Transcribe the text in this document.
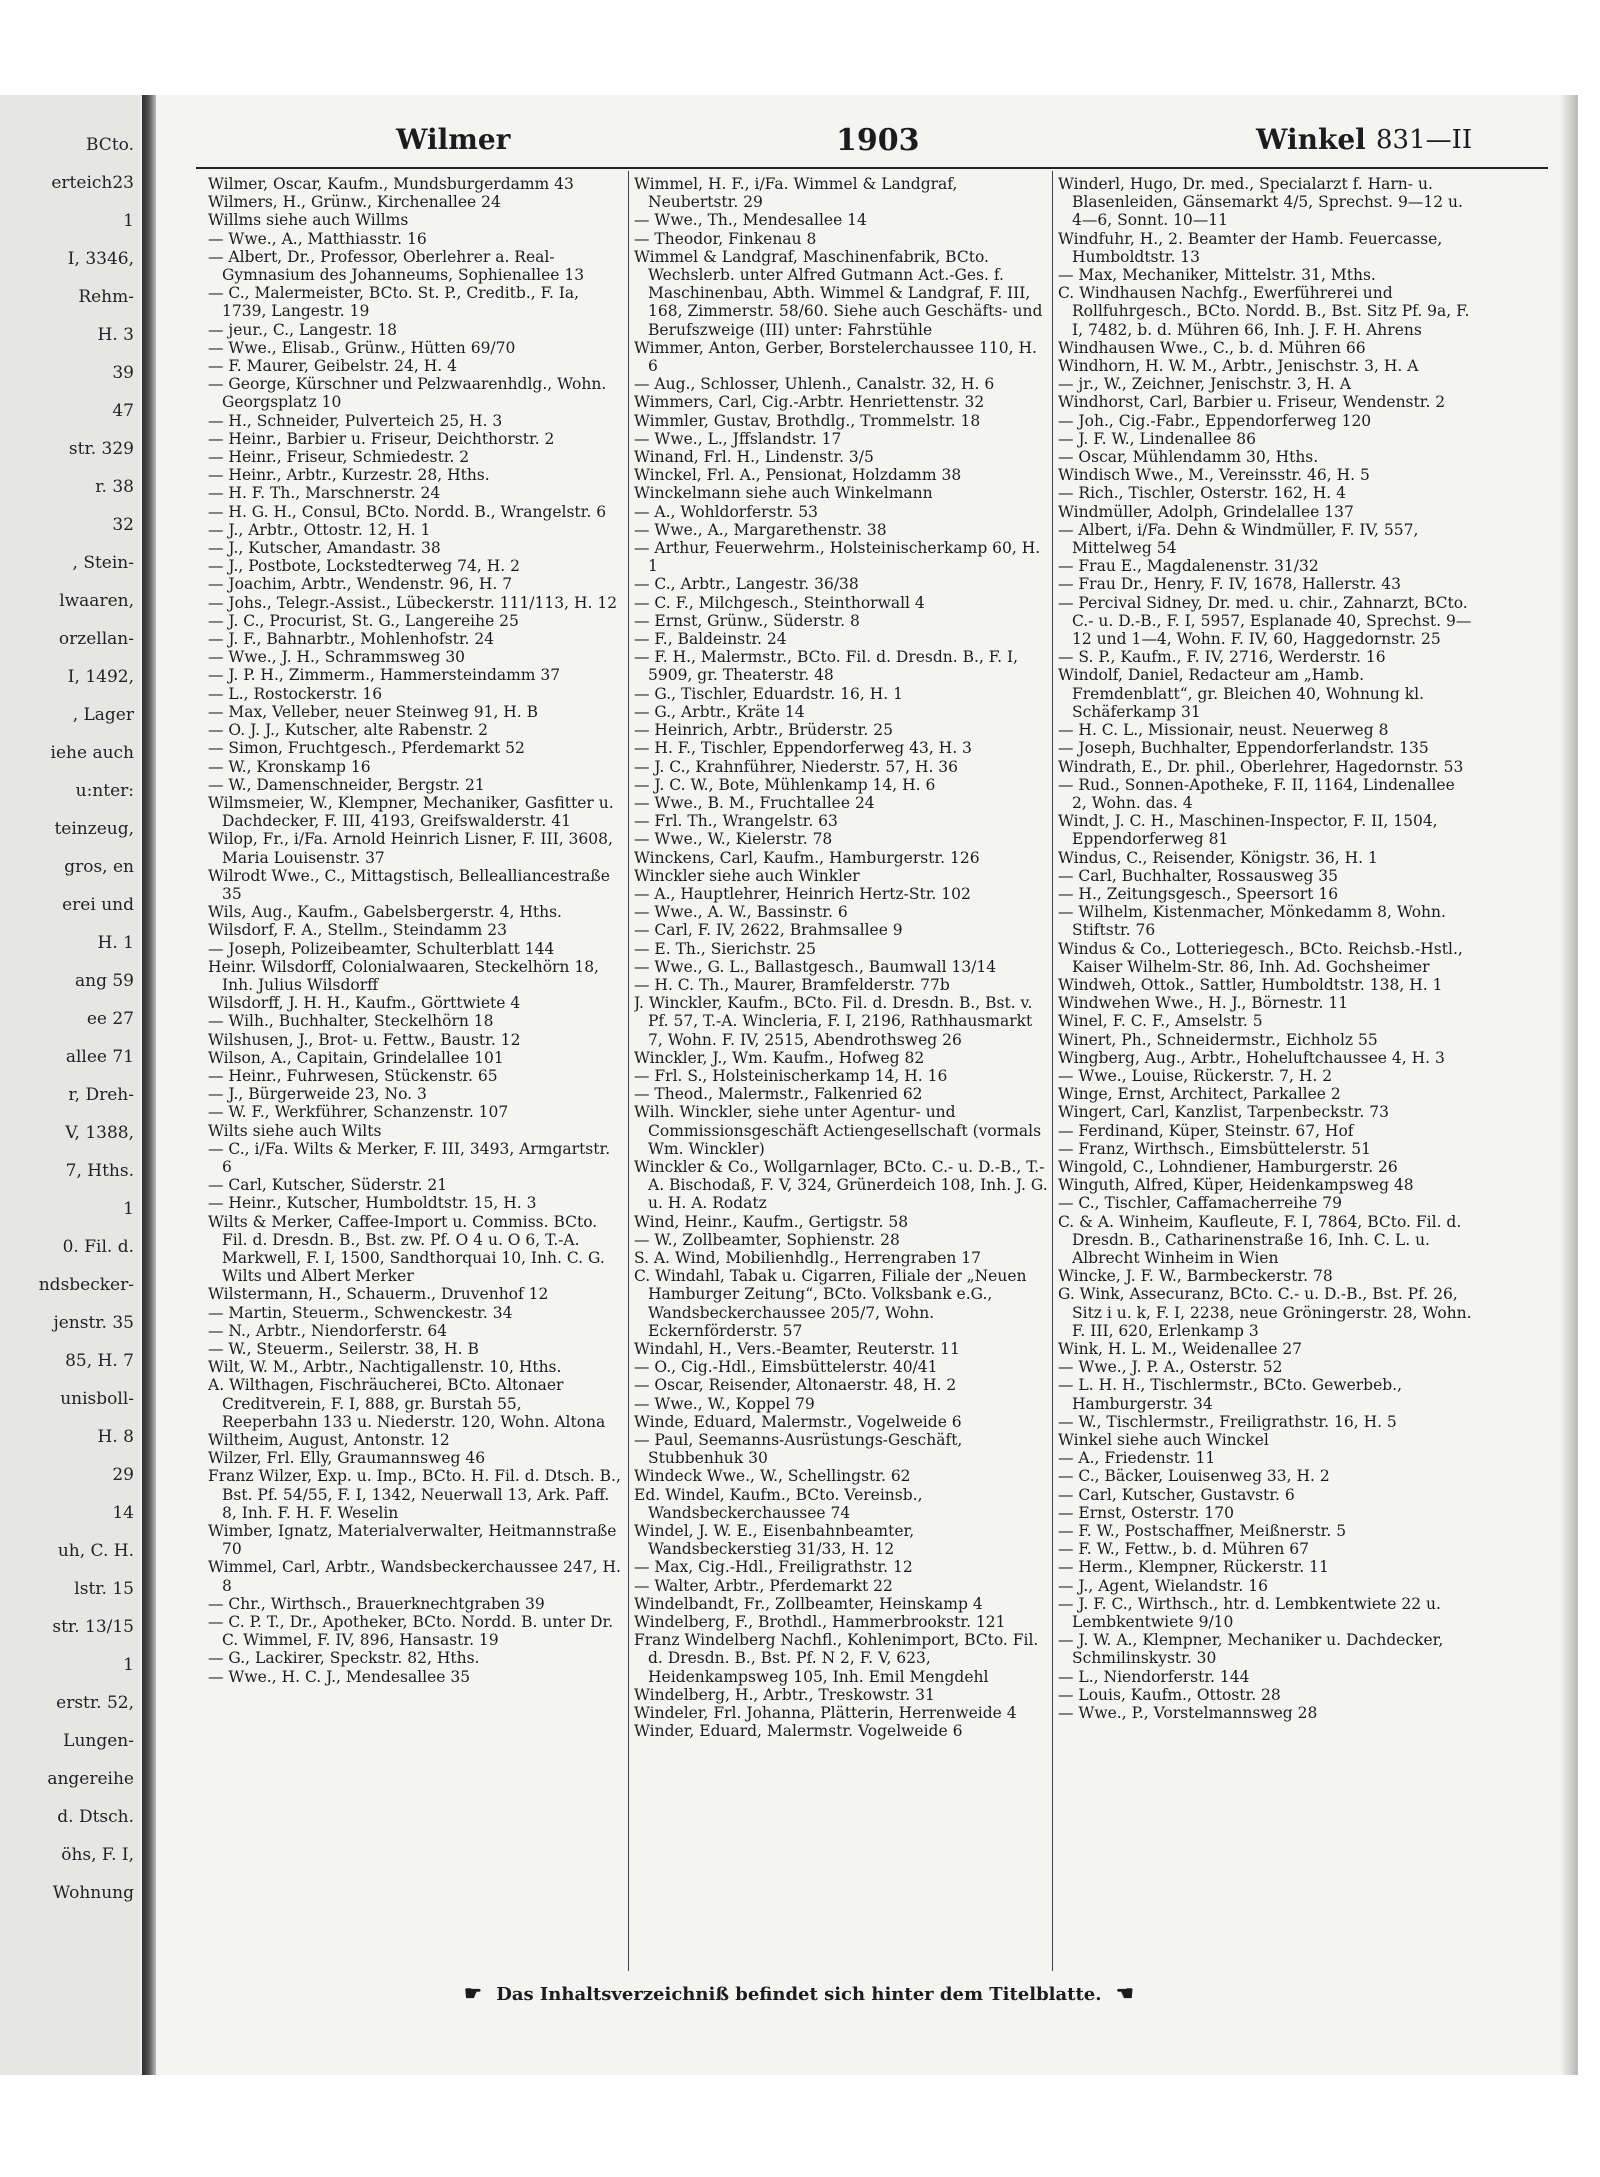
BCto.
erteich23
1
I, 3346,
Rehm-
H. 3
39
47
str. 329
r. 38
32
, Stein-
lwaaren,
orzellan-
I, 1492,
, Lager
iehe auch
u:nter:
teinzeug,
gros, en
erei und
H. 1
ang 59
ee 27
allee 71
r, Dreh-
V, 1388,
7, Hths.
1
0. Fil. d.
ndsbecker-
jenstr. 35
85, H. 7
unisboll-
H. 8
29
14
uh, C. H.
lstr. 15
str. 13/15
1
erstr. 52,
Lungen-
angereihe
d. Dtsch.
öhs, F. I,
Wohnung
Wilmer	1903	Winkel 831—II
Wilmer, Oscar, Kaufm., Mundsburgerdamm 43
Wilmers, H., Grünw., Kirchenallee 24
Willms siehe auch Willms
— Wwe., A., Matthiasstr. 16
— Albert, Dr., Professor, Oberlehrer a. Real-Gymnasium des Johanneums, Sophienallee 13
— C., Malermeister, BCto. St. P., Creditb., F. Ia, 1739, Langestr. 19
— jeur., C., Langestr. 18
— Wwe., Elisab., Grünw., Hütten 69/70
— F. Maurer, Geibelstr. 24, H. 4
— George, Kürschner und Pelzwaarenhdlg., Wohn. Georgsplatz 10
— H., Schneider, Pulverteich 25, H. 3
— Heinr., Barbier u. Friseur, Deichthorstr. 2
— Heinr., Friseur, Schmiedestr. 2
— Heinr., Arbtr., Kurzestr. 28, Hths.
— H. F. Th., Marschnerstr. 24
— H. G. H., Consul, BCto. Nordd. B., Wrangelstr. 6
— J., Arbtr., Ottostr. 12, H. 1
— J., Kutscher, Amandastr. 38
— J., Postbote, Lockstedterweg 74, H. 2
— Joachim, Arbtr., Wendenstr. 96, H. 7
— Johs., Telegr.-Assist., Lübeckerstr. 111/113, H. 12
— J. C., Procurist, St. G., Langereihe 25
— J. F., Bahnarbtr., Mohlenhofstr. 24
— Wwe., J. H., Schrammsweg 30
— J. P. H., Zimmerm., Hammersteindamm 37
— L., Rostockerstr. 16
— Max, Velleber, neuer Steinweg 91, H. B
— O. J. J., Kutscher, alte Rabenstr. 2
— Simon, Fruchtgesch., Pferdemarkt 52
— W., Kronskamp 16
— W., Damenschneider, Bergstr. 21
Wilmsmeier, W., Klempner, Mechaniker, Gasfitter u. Dachdecker, F. III, 4193, Greifswalderstr. 41
Wilop, Fr., i/Fa. Arnold Heinrich Lisner, F. III, 3608, Maria Louisenstr. 37
Wilrodt Wwe., C., Mittagstisch, Bellealliancestraße 35
Wils, Aug., Kaufm., Gabelsbergerstr. 4, Hths.
Wilsdorf, F. A., Stellm., Steindamm 23
— Joseph, Polizeibeamter, Schulterblatt 144
Heinr. Wilsdorff, Colonialwaaren, Steckelhörn 18, Inh. Julius Wilsdorff
Wilsdorff, J. H. H., Kaufm., Görttwiete 4
— Wilh., Buchhalter, Steckelhörn 18
Wilshusen, J., Brot- u. Fettw., Baustr. 12
Wilson, A., Capitain, Grindelallee 101
— Heinr., Fuhrwesen, Stückenstr. 65
— J., Bürgerweide 23, No. 3
— W. F., Werkführer, Schanzenstr. 107
Wilts siehe auch Wilts
— C., i/Fa. Wilts & Merker, F. III, 3493, Armgartstr. 6
— Carl, Kutscher, Süderstr. 21
— Heinr., Kutscher, Humboldtstr. 15, H. 3
Wilts & Merker, Caffee-Import u. Commiss. BCto. Fil. d. Dresdn. B., Bst. zw. Pf. O 4 u. O 6, T.-A. Markwell, F. I, 1500, Sandthorquai 10, Inh. C. G. Wilts und Albert Merker
Wilstermann, H., Schauerm., Druvenhof 12
— Martin, Steuerm., Schwenckestr. 34
— N., Arbtr., Niendorferstr. 64
— W., Steuerm., Seilerstr. 38, H. B
Wilt, W. M., Arbtr., Nachtigallenstr. 10, Hths.
A. Wilthagen, Fischräucherei, BCto. Altonaer Creditverein, F. I, 888, gr. Burstah 55, Reeperbahn 133 u. Niederstr. 120, Wohn. Altona
Wiltheim, August, Antonstr. 12
Wilzer, Frl. Elly, Graumannsweg 46
Franz Wilzer, Exp. u. Imp., BCto. H. Fil. d. Dtsch. B., Bst. Pf. 54/55, F. I, 1342, Neuerwall 13, Ark. Paff. 8, Inh. F. H. F. Weselin
Wimber, Ignatz, Materialverwalter, Heitmannstraße 70
Wimmel, Carl, Arbtr., Wandsbeckerchaussee 247, H. 8
— Chr., Wirthsch., Brauerknechtgraben 39
— C. P. T., Dr., Apotheker, BCto. Nordd. B. unter Dr. C. Wimmel, F. IV, 896, Hansastr. 19
— G., Lackirer, Speckstr. 82, Hths.
— Wwe., H. C. J., Mendesallee 35
Wimmel, H. F., i/Fa. Wimmel & Landgraf, Neubertstr. 29
— Wwe., Th., Mendesallee 14
— Theodor, Finkenau 8
Wimmel & Landgraf, Maschinenfabrik, BCto. Wechslerb. unter Alfred Gutmann Act.-Ges. f. Maschinenbau, Abth. Wimmel & Landgraf, F. III, 168, Zimmerstr. 58/60. Siehe auch Geschäfts- und Berufszweige (III) unter: Fahrstühle
Wimmer, Anton, Gerber, Borstelerchaussee 110, H. 6
— Aug., Schlosser, Uhlenh., Canalstr. 32, H. 6
Wimmers, Carl, Cig.-Arbtr. Henriettenstr. 32
Wimmler, Gustav, Brothdlg., Trommelstr. 18
— Wwe., L., Jffslandstr. 17
Winand, Frl. H., Lindenstr. 3/5
Winckel, Frl. A., Pensionat, Holzdamm 38
Winckelmann siehe auch Winkelmann
— A., Wohldorferstr. 53
— Wwe., A., Margarethenstr. 38
— Arthur, Feuerwehrm., Holsteinischerkamp 60, H. 1
— C., Arbtr., Langestr. 36/38
— C. F., Milchgesch., Steinthorwall 4
— Ernst, Grünw., Süderstr. 8
— F., Baldeinstr. 24
— F. H., Malermstr., BCto. Fil. d. Dresdn. B., F. I, 5909, gr. Theaterstr. 48
— G., Tischler, Eduardstr. 16, H. 1
— G., Arbtr., Kräte 14
— Heinrich, Arbtr., Brüderstr. 25
— H. F., Tischler, Eppendorferweg 43, H. 3
— J. C., Krahnführer, Niederstr. 57, H. 36
— J. C. W., Bote, Mühlenkamp 14, H. 6
— Wwe., B. M., Fruchtallee 24
— Frl. Th., Wrangelstr. 63
— Wwe., W., Kielerstr. 78
Winckens, Carl, Kaufm., Hamburgerstr. 126
Winckler siehe auch Winkler
— A., Hauptlehrer, Heinrich Hertz-Str. 102
— Wwe., A. W., Bassinstr. 6
— Carl, F. IV, 2622, Brahmsallee 9
— E. Th., Sierichstr. 25
— Wwe., G. L., Ballastgesch., Baumwall 13/14
— H. C. Th., Maurer, Bramfelderstr. 77b
J. Winckler, Kaufm., BCto. Fil. d. Dresdn. B., Bst. v. Pf. 57, T.-A. Wincleria, F. I, 2196, Rathhausmarkt 7, Wohn. F. IV, 2515, Abendrothsweg 26
Winckler, J., Wm. Kaufm., Hofweg 82
— Frl. S., Holsteinischerkamp 14, H. 16
— Theod., Malermstr., Falkenried 62
Wilh. Winckler, siehe unter Agentur- und Commissionsgeschäft Actiengesellschaft (vormals Wm. Winckler)
Winckler & Co., Wollgarnlager, BCto. C.- u. D.-B., T.-A. Bischodaß, F. V, 324, Grünerdeich 108, Inh. J. G. u. H. A. Rodatz
Wind, Heinr., Kaufm., Gertigstr. 58
— W., Zollbeamter, Sophienstr. 28
S. A. Wind, Mobilienhdlg., Herrengraben 17
C. Windahl, Tabak u. Cigarren, Filiale der „Neuen Hamburger Zeitung“, BCto. Volksbank e.G., Wandsbeckerchaussee 205/7, Wohn. Eckernförderstr. 57
Windahl, H., Vers.-Beamter, Reuterstr. 11
— O., Cig.-Hdl., Eimsbüttelerstr. 40/41
— Oscar, Reisender, Altonaerstr. 48, H. 2
— Wwe., W., Koppel 79
Winde, Eduard, Malermstr., Vogelweide 6
— Paul, Seemanns-Ausrüstungs-Geschäft, Stubbenhuk 30
Windeck Wwe., W., Schellingstr. 62
Ed. Windel, Kaufm., BCto. Vereinsb., Wandsbeckerchaussee 74
Windel, J. W. E., Eisenbahnbeamter, Wandsbeckerstieg 31/33, H. 12
— Max, Cig.-Hdl., Freiligrathstr. 12
— Walter, Arbtr., Pferdemarkt 22
Windelbandt, Fr., Zollbeamter, Heinskamp 4
Windelberg, F., Brothdl., Hammerbrookstr. 121
Franz Windelberg Nachfl., Kohlenimport, BCto. Fil. d. Dresdn. B., Bst. Pf. N 2, F. V, 623, Heidenkampsweg 105, Inh. Emil Mengdehl
Windelberg, H., Arbtr., Treskowstr. 31
Windeler, Frl. Johanna, Plätterin, Herrenweide 4
Winder, Eduard, Malermstr. Vogelweide 6
Winderl, Hugo, Dr. med., Specialarzt f. Harn- u. Blasenleiden, Gänsemarkt 4/5, Sprechst. 9—12 u. 4—6, Sonnt. 10—11
Windfuhr, H., 2. Beamter der Hamb. Feuercasse, Humboldtstr. 13
— Max, Mechaniker, Mittelstr. 31, Mths.
C. Windhausen Nachfg., Ewerführerei und Rollfuhrgesch., BCto. Nordd. B., Bst. Sitz Pf. 9a, F. I, 7482, b. d. Mühren 66, Inh. J. F. H. Ahrens
Windhausen Wwe., C., b. d. Mühren 66
Windhorn, H. W. M., Arbtr., Jenischstr. 3, H. A
— jr., W., Zeichner, Jenischstr. 3, H. A
Windhorst, Carl, Barbier u. Friseur, Wendenstr. 2
— Joh., Cig.-Fabr., Eppendorferweg 120
— J. F. W., Lindenallee 86
— Oscar, Mühlendamm 30, Hths.
Windisch Wwe., M., Vereinsstr. 46, H. 5
— Rich., Tischler, Osterstr. 162, H. 4
Windmüller, Adolph, Grindelallee 137
— Albert, i/Fa. Dehn & Windmüller, F. IV, 557, Mittelweg 54
— Frau E., Magdalenenstr. 31/32
— Frau Dr., Henry, F. IV, 1678, Hallerstr. 43
— Percival Sidney, Dr. med. u. chir., Zahnarzt, BCto. C.- u. D.-B., F. I, 5957, Esplanade 40, Sprechst. 9—12 und 1—4, Wohn. F. IV, 60, Haggedornstr. 25
— S. P., Kaufm., F. IV, 2716, Werderstr. 16
Windolf, Daniel, Redacteur am „Hamb. Fremdenblatt“, gr. Bleichen 40, Wohnung kl. Schäferkamp 31
— H. C. L., Missionair, neust. Neuerweg 8
— Joseph, Buchhalter, Eppendorferlandstr. 135
Windrath, E., Dr. phil., Oberlehrer, Hagedornstr. 53
— Rud., Sonnen-Apotheke, F. II, 1164, Lindenallee 2, Wohn. das. 4
Windt, J. C. H., Maschinen-Inspector, F. II, 1504, Eppendorferweg 81
Windus, C., Reisender, Königstr. 36, H. 1
— Carl, Buchhalter, Rossausweg 35
— H., Zeitungsgesch., Speersort 16
— Wilhelm, Kistenmacher, Mönkedamm 8, Wohn. Stiftstr. 76
Windus & Co., Lotteriegesch., BCto. Reichsb.-Hstl., Kaiser Wilhelm-Str. 86, Inh. Ad. Gochsheimer
Windweh, Ottok., Sattler, Humboldtstr. 138, H. 1
Windwehen Wwe., H. J., Börnestr. 11
Winel, F. C. F., Amselstr. 5
Winert, Ph., Schneidermstr., Eichholz 55
Wingberg, Aug., Arbtr., Hoheluftchaussee 4, H. 3
— Wwe., Louise, Rückerstr. 7, H. 2
Winge, Ernst, Architect, Parkallee 2
Wingert, Carl, Kanzlist, Tarpenbeckstr. 73
— Ferdinand, Küper, Steinstr. 67, Hof
— Franz, Wirthsch., Eimsbüttelerstr. 51
Wingold, C., Lohndiener, Hamburgerstr. 26
Winguth, Alfred, Küper, Heidenkampsweg 48
— C., Tischler, Caffamacherreihe 79
C. & A. Winheim, Kaufleute, F. I, 7864, BCto. Fil. d. Dresdn. B., Catharinenstraße 16, Inh. C. L. u. Albrecht Winheim in Wien
Wincke, J. F. W., Barmbeckerstr. 78
G. Wink, Assecuranz, BCto. C.- u. D.-B., Bst. Pf. 26, Sitz i u. k, F. I, 2238, neue Gröningerstr. 28, Wohn. F. III, 620, Erlenkamp 3
Wink, H. L. M., Weidenallee 27
— Wwe., J. P. A., Osterstr. 52
— L. H. H., Tischlermstr., BCto. Gewerbeb., Hamburgerstr. 34
— W., Tischlermstr., Freiligrathstr. 16, H. 5
Winkel siehe auch Winckel
— A., Friedenstr. 11
— C., Bäcker, Louisenweg 33, H. 2
— Carl, Kutscher, Gustavstr. 6
— Ernst, Osterstr. 170
— F. W., Postschaffner, Meißnerstr. 5
— F. W., Fettw., b. d. Mühren 67
— Herm., Klempner, Rückerstr. 11
— J., Agent, Wielandstr. 16
— J. F. C., Wirthsch., htr. d. Lembkentwiete 22 u. Lembkentwiete 9/10
— J. W. A., Klempner, Mechaniker u. Dachdecker, Schmilinskystr. 30
— L., Niendorferstr. 144
— Louis, Kaufm., Ottostr. 28
— Wwe., P., Vorstelmannsweg 28
☛ Das Inhaltsverzeichniß befindet sich hinter dem Titelblatte. ☚
